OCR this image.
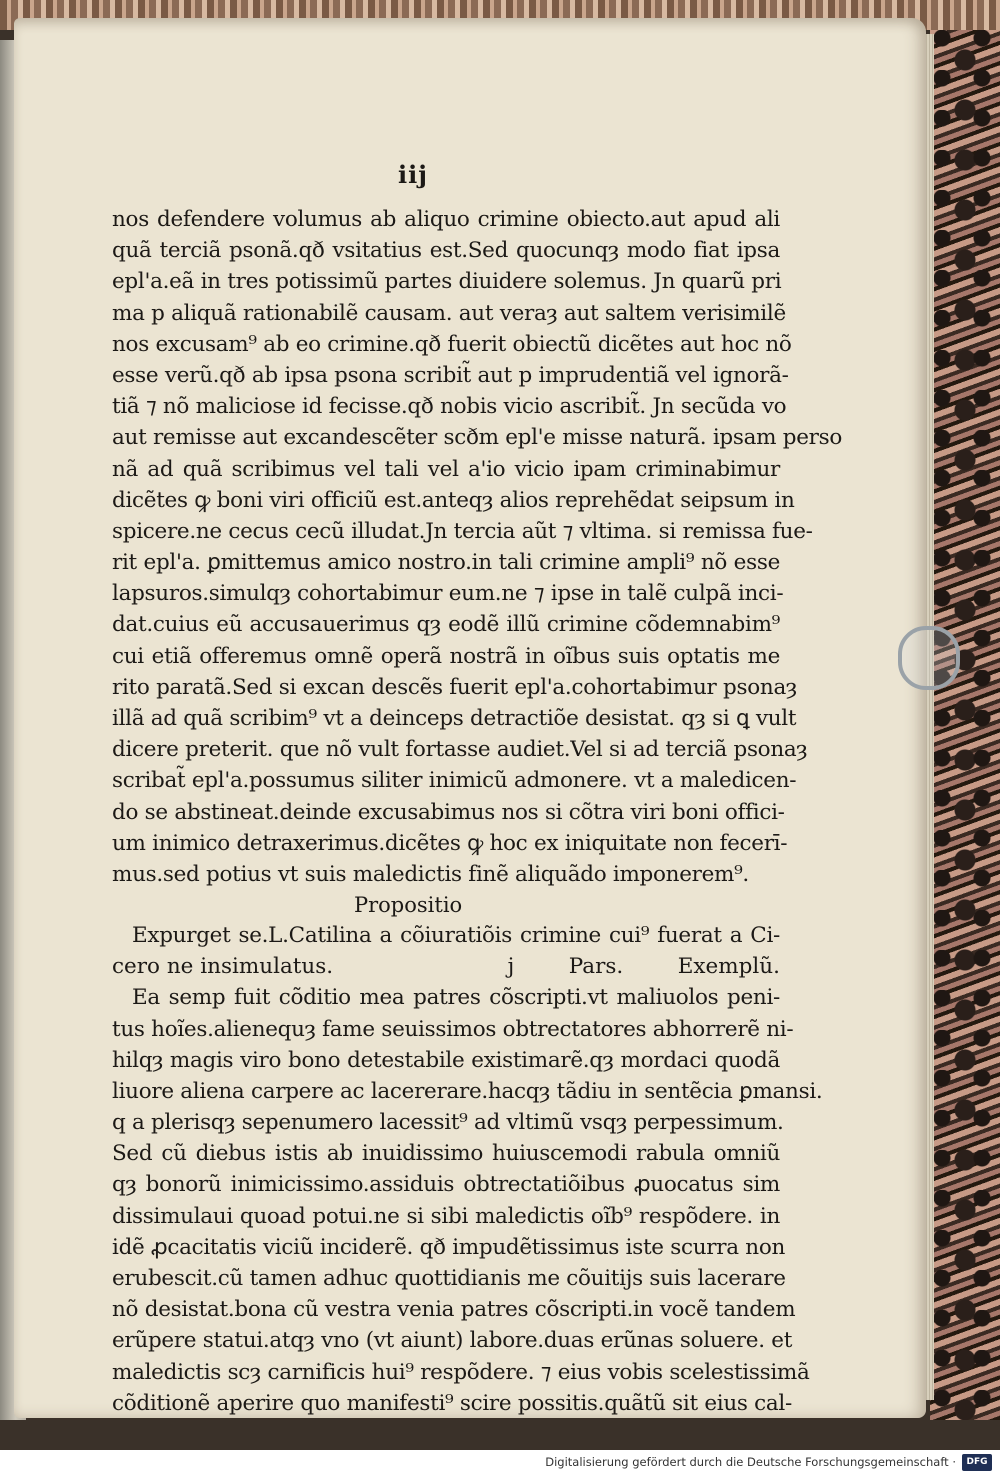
iij
nos defendere volumus ab aliquo crimine obiecto.aut apud ali
quã terciã psonã.qð vsitatius est.Sed quocunqȝ modo fiat ipsa
epl'a.eã in tres potissimũ partes diuidere solemus. Jn quarũ pri
ma p aliquã rationabilẽ causam. aut veraȝ aut saltem verisimilẽ
nos excusam⁹ ab eo crimine.qð fuerit obiectũ dicẽtes aut hoc nõ
esse verũ.qð ab ipsa psona scribit̃ aut p imprudentiã vel ignorã-
tiã ⁊ nõ maliciose id fecisse.qð nobis vicio ascribit̃. Jn secũda vo
aut remisse aut excandescẽter scðm epl'e misse naturã. ipsam perso
nã ad quã scribimus vel tali vel a'io vicio ipam criminabimur
dicẽtes ꝙ boni viri officiũ est.anteqȝ alios reprehẽdat seipsum in
spicere.ne cecus cecũ illudat.Jn tercia aũt ⁊ vltima. si remissa fue-
rit epl'a. ꝑmittemus amico nostro.in tali crimine ampli⁹ nõ esse
lapsuros.simulqȝ cohortabimur eum.ne ⁊ ipse in talẽ culpã inci-
dat.cuius eũ accusauerimus qȝ eodẽ illũ crimine cõdemnabim⁹
cui etiã offeremus omnẽ operã nostrã in oĩbus suis optatis me
rito paratã.Sed si excan descẽs fuerit epl'a.cohortabimur psonaȝ
illã ad quã scribim⁹ vt a deinceps detractiõe desistat. qȝ si ꝗ vult
dicere preterit. que nõ vult fortasse audiet.Vel si ad terciã psonaȝ
scribat̃ epl'a.possumus siliter inimicũ admonere. vt a maledicen-
do se abstineat.deinde excusabimus nos si cõtra viri boni offici-
um inimico detraxerimus.dicẽtes ꝙ hoc ex iniquitate non fecerī-
mus.sed potius vt suis maledictis finẽ aliquãdo imponerem⁹.
Propositio
Expurget se.L.Catilina a cõiuratiõis crimine cui⁹ fuerat a Ci-
cero ne insimulatus.	j	Pars.	Exemplũ.
Ea semp fuit cõditio mea patres cõscripti.vt maliuolos peni-
tus hoĩes.alienequȝ fame seuissimos obtrectatores abhorrerẽ ni-
hilqȝ magis viro bono detestabile existimarẽ.qȝ mordaci quodã
liuore aliena carpere ac lacererare.hacqȝ tãdiu in sentẽcia ꝑmansi.
q a plerisqȝ sepenumero lacessit⁹ ad vltimũ vsqȝ perpessimum.
Sed cũ diebus istis ab inuidissimo huiuscemodi rabula omniũ
qȝ bonorũ inimicissimo.assiduis obtrectatiõibus ꝓuocatus sim
dissimulaui quoad potui.ne si sibi maledictis oĩb⁹ respõdere. in
idẽ ꝓcacitatis viciũ inciderẽ. qð impudẽtissimus iste scurra non
erubescit.cũ tamen adhuc quottidianis me cõuitijs suis lacerare
nõ desistat.bona cũ vestra venia patres cõscripti.in vocẽ tandem
erũpere statui.atqȝ vno (vt aiunt) labore.duas erũnas soluere. et
maledictis scȝ carnificis hui⁹ respõdere. ⁊ eius vobis scelestissimã
cõditionẽ aperire quo manifesti⁹ scire possitis.quãtũ sit eius cal-
Digitalisierung gefördert durch die Deutsche Forschungsgemeinschaft ·	DFG
